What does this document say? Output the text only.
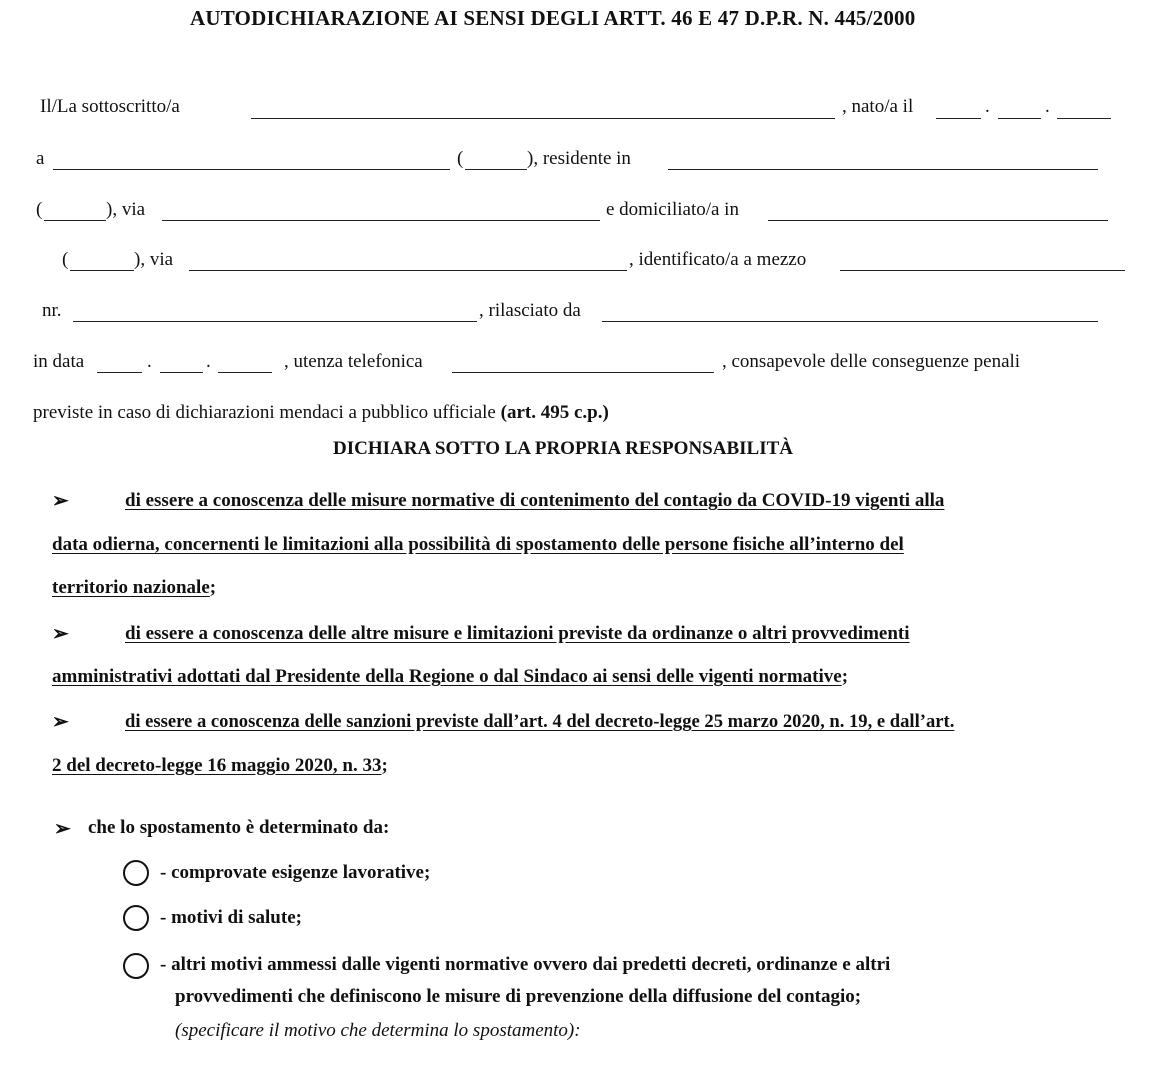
AUTODICHIARAZIONE AI SENSI DEGLI ARTT. 46 E 47 D.P.R. N. 445/2000
Il/La sottoscritto/a	, nato/a il	.	.
a	(	), residente in
(	), via	e domiciliato/a in
(	), via	, identificato/a a mezzo
nr.	, rilasciato da
in data	.	.	, utenza telefonica	, consapevole delle conseguenze penali
previste in caso di dichiarazioni mendaci a pubblico ufficiale (art. 495 c.p.)
DICHIARA SOTTO LA PROPRIA RESPONSABILITÀ
➢	di essere a conoscenza delle misure normative di contenimento del contagio da COVID-19 vigenti alla
data odierna, concernenti le limitazioni alla possibilità di spostamento delle persone fisiche all’interno del
territorio nazionale;
➢	di essere a conoscenza delle altre misure e limitazioni previste da ordinanze o altri provvedimenti
amministrativi adottati dal Presidente della Regione o dal Sindaco ai sensi delle vigenti normative;
➢	di essere a conoscenza delle sanzioni previste dall’art. 4 del decreto-legge 25 marzo 2020, n. 19, e dall’art.
2 del decreto-legge 16 maggio 2020, n. 33;
➢ che lo spostamento è determinato da:
- comprovate esigenze lavorative;
- motivi di salute;
- altri motivi ammessi dalle vigenti normative ovvero dai predetti decreti, ordinanze e altri
provvedimenti che definiscono le misure di prevenzione della diffusione del contagio;
(specificare il motivo che determina lo spostamento):
